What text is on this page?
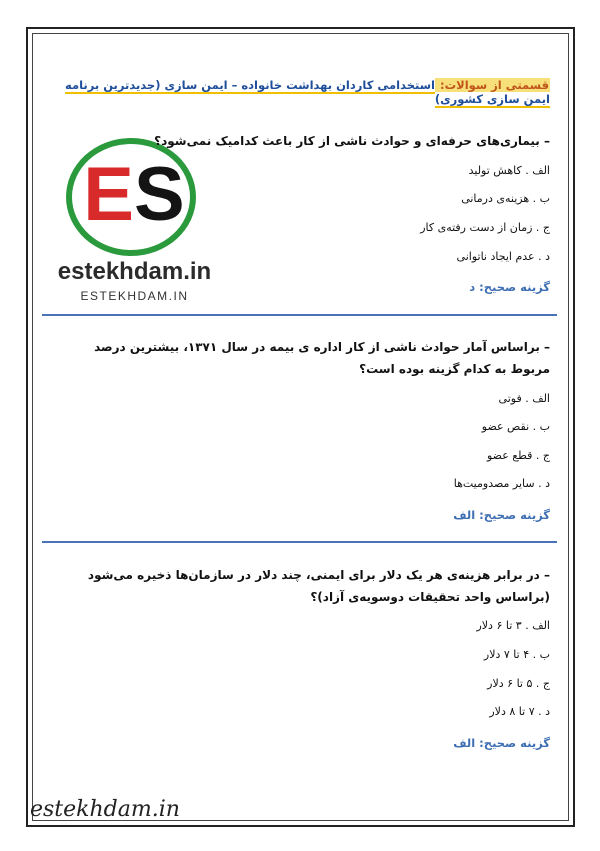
قسمتی از سوالات: استخدامی کاردان بهداشت خانواده – ایمن سازی (جدیدترین برنامه ایمن سازی کشوری)
ES
estekhdam.in
ESTEKHDAM.IN
– بیماری‌های حرفه‌ای و حوادث ناشی از کار باعث کدامیک نمی‌شود؟
الف . کاهش تولید
ب . هزینه‌ی درمانی
ج . زمان از دست رفته‌ی کار
د . عدم ایجاد ناتوانی
گزینه صحیح: د
– براساس آمار حوادث ناشی از کار اداره ی بیمه در سال ۱۳۷۱، بیشترین درصد مربوط به کدام گزینه بوده است؟
الف . فوتی
ب . نقص عضو
ج . قطع عضو
د . سایر مصدومیت‌ها
گزینه صحیح: الف
– در برابر هزینه‌ی هر یک دلار برای ایمنی، چند دلار در سازمان‌ها ذخیره می‌شود (براساس واحد تحقیقات دوسویه‌ی آزاد)؟
الف . ۳ تا ۶ دلار
ب . ۴ تا ۷ دلار
ج . ۵ تا ۶ دلار
د . ۷ تا ۸ دلار
گزینه صحیح: الف
estekhdam.in
